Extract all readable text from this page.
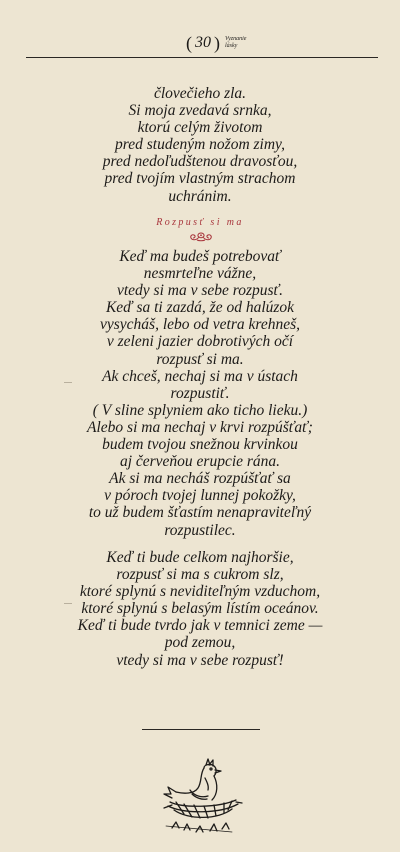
( 30 ) Vyznanie lásky
človečieho zla.
Si moja zvedavá srnka,
ktorú celým životom
pred studeným nožom zimy,
pred nedoľudštenou dravosťou,
pred tvojím vlastným strachom
uchránim.
Rozpusť si ma
Keď ma budeš potrebovať
nesmrteľne vážne,
vtedy si ma v sebe rozpusť.
Keď sa ti zazdá, že od halúzok
vysycháš, lebo od vetra krehneš,
v zeleni jazier dobrotivých očí
rozpusť si ma.
Ak chceš, nechaj si ma v ústach
rozpustiť.
( V sline splyniem ako ticho lieku.)
Alebo si ma nechaj v krvi rozpúšťať;
budem tvojou snežnou krvinkou
aj červeňou erupcie rána.
Ak si ma necháš rozpúšťať sa
v póroch tvojej lunnej pokožky,
to už budem šťastím nenapraviteľný
rozpustilec.
Keď ti bude celkom najhoršie,
rozpusť si ma s cukrom slz,
ktoré splynú s neviditeľným vzduchom,
ktoré splynú s belasým lístím oceánov.
Keď ti bude tvrdo jak v temnici zeme —
pod zemou,
vtedy si ma v sebe rozpusť!
